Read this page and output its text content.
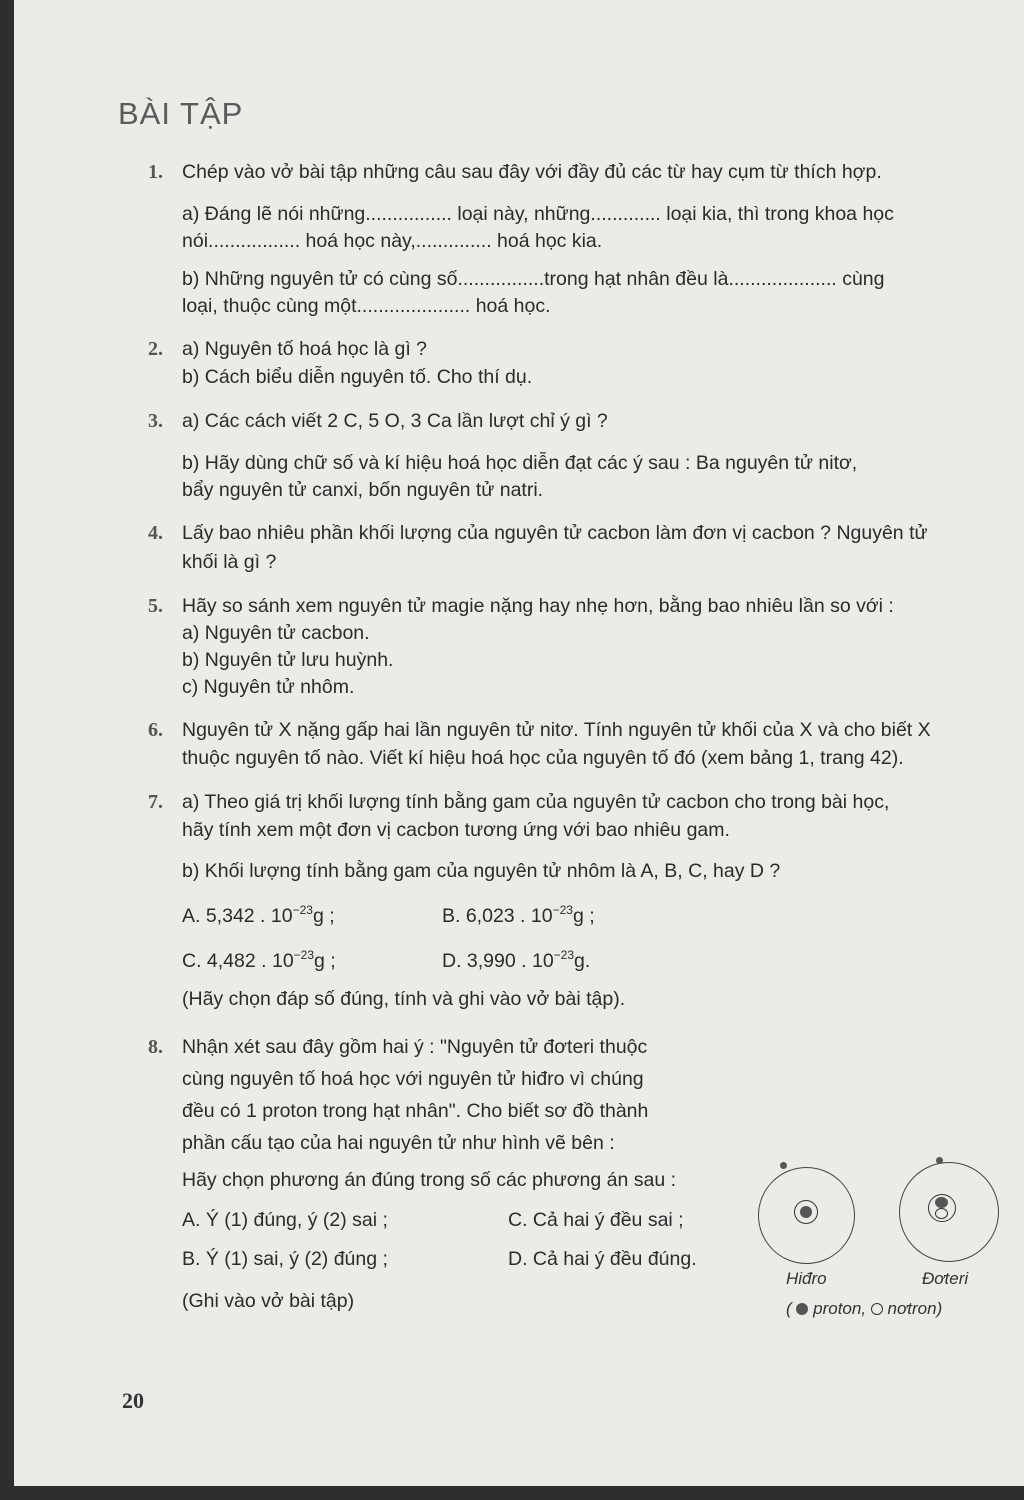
BÀI TẬP
1. Chép vào vở bài tập những câu sau đây với đầy đủ các từ hay cụm từ thích hợp.
a) Đáng lẽ nói những................ loại này, những............. loại kia, thì trong khoa học
nói................. hoá học này,.............. hoá học kia.
b) Những nguyên tử có cùng số................trong hạt nhân đều là.................... cùng
loại, thuộc cùng một..................... hoá học.
2. a) Nguyên tố hoá học là gì ?
b) Cách biểu diễn nguyên tố. Cho thí dụ.
3. a) Các cách viết 2 C, 5 O, 3 Ca lần lượt chỉ ý gì ?
b) Hãy dùng chữ số và kí hiệu hoá học diễn đạt các ý sau : Ba nguyên tử nitơ,
bẩy nguyên tử canxi, bốn nguyên tử natri.
4. Lấy bao nhiêu phần khối lượng của nguyên tử cacbon làm đơn vị cacbon ? Nguyên tử
khối là gì ?
5. Hãy so sánh xem nguyên tử magie nặng hay nhẹ hơn, bằng bao nhiêu lần so với :
a) Nguyên tử cacbon.
b) Nguyên tử lưu huỳnh.
c) Nguyên tử nhôm.
6. Nguyên tử X nặng gấp hai lần nguyên tử nitơ. Tính nguyên tử khối của X và cho biết X
thuộc nguyên tố nào. Viết kí hiệu hoá học của nguyên tố đó (xem bảng 1, trang 42).
7. a) Theo giá trị khối lượng tính bằng gam của nguyên tử cacbon cho trong bài học,
hãy tính xem một đơn vị cacbon tương ứng với bao nhiêu gam.
b) Khối lượng tính bằng gam của nguyên tử nhôm là A, B, C, hay D ?
A. 5,342 . $10^{-23}g$ ;	B. 6,023 . $10^{-23}g$ ;
C. 4,482 . $10^{-23}g$ ;	D. 3,990 . $10^{-23}g$.
(Hãy chọn đáp số đúng, tính và ghi vào vở bài tập).
8. Nhận xét sau đây gồm hai ý : "Nguyên tử đơteri thuộc
cùng nguyên tố hoá học với nguyên tử hiđro vì chúng
đều có 1 proton trong hạt nhân". Cho biết sơ đồ thành
phần cấu tạo của hai nguyên tử như hình vẽ bên :
Hãy chọn phương án đúng trong số các phương án sau :
A. Ý (1) đúng, ý (2) sai ;	C. Cả hai ý đều sai ;
B. Ý (1) sai, ý (2) đúng ;	D. Cả hai ý đều đúng.
(Ghi vào vở bài tập)
Hiđro	Đơteri
( proton, nơtron)
20
